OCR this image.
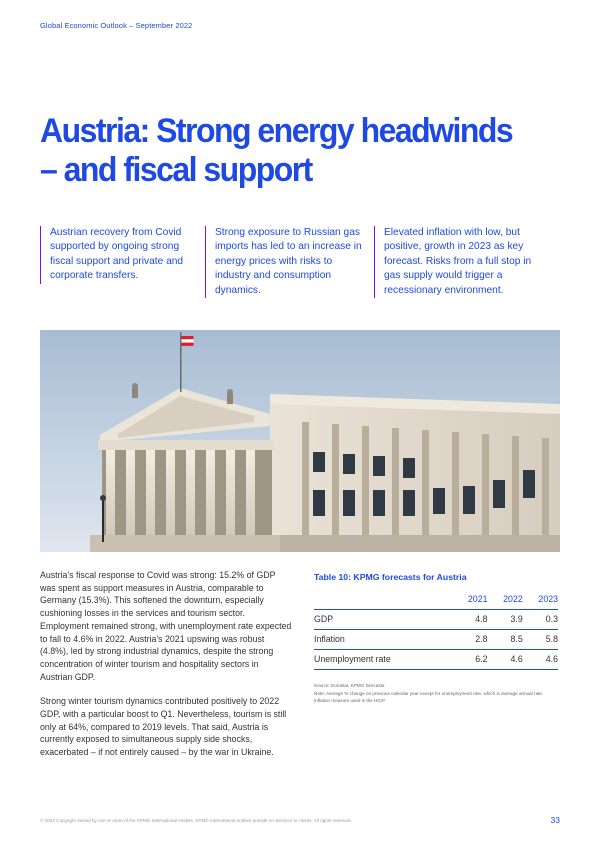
Global Economic Outlook – September 2022
Austria: Strong energy headwinds
– and fiscal support
Austrian recovery from Covid supported by ongoing strong fiscal support and private and corporate transfers.
Strong exposure to Russian gas imports has led to an increase in energy prices with risks to industry and consumption dynamics.
Elevated inflation with low, but positive, growth in 2023 as key forecast. Risks from a full stop in gas supply would trigger a recessionary environment.

Austria’s fiscal response to Covid was strong: 15.2% of GDP was spent as support measures in Austria, comparable to Germany (15.3%). This softened the downturn, especially cushioning losses in the services and tourism sector. Employment remained strong, with unemployment rate expected to fall to 4.6% in 2022. Austria’s 2021 upswing was robust (4.8%), led by strong industrial dynamics, despite the strong concentration of winter tourism and hospitality sectors in Austrian GDP.

Strong winter tourism dynamics contributed positively to 2022 GDP, with a particular boost to Q1. Nevertheless, tourism is still only at 64%, compared to 2019 levels. That said, Austria is currently exposed to simultaneous supply side shocks, exacerbated – if not entirely caused – by the war in Ukraine.

Table 10: KPMG forecasts for Austria
	2021	2022	2023
GDP	4.8	3.9	0.3
Inflation	2.8	8.5	5.8
Unemployment rate	6.2	4.6	4.6
Source: Eurostat, KPMG forecasts.
Note: Average % change on previous calendar year except for unemployment rate, which is average annual rate. Inflation measure used is the HICP.
© 2022 Copyright owned by one or more of the KPMG International entities. KPMG International entities provide no services to clients. All rights reserved.	33
